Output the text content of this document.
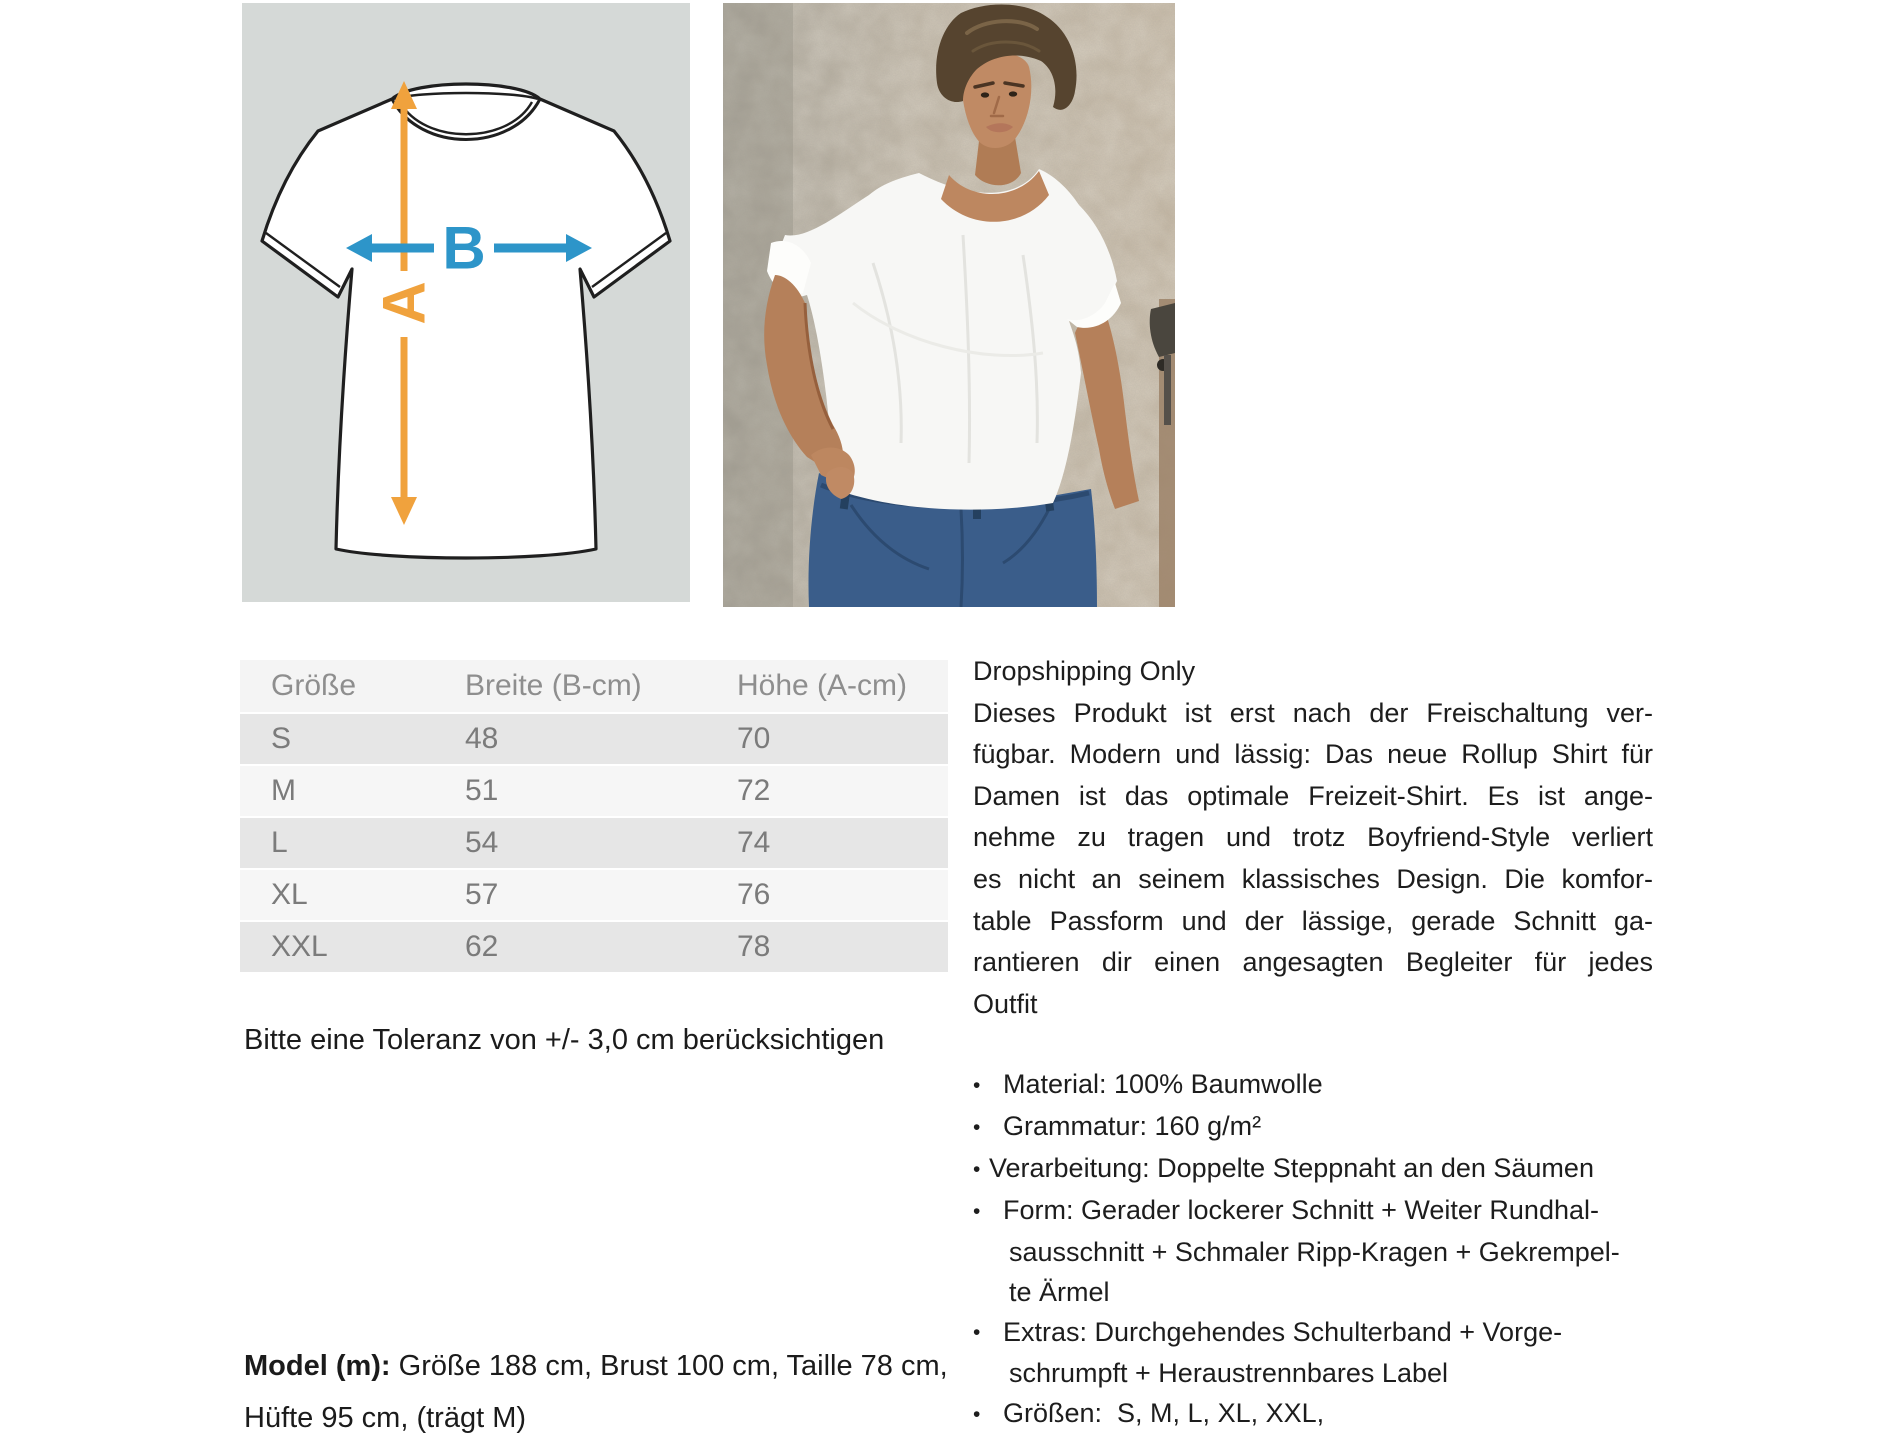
A
B
Größe	Breite (B-cm)	Höhe (A-cm)
S	48	70
M	51	72
L	54	74
XL	57	76
XXL	62	78
Bitte eine Toleranz von +/- 3,0 cm berücksichtigen
Model (m): Größe 188 cm, Brust 100 cm, Taille 78 cm,
Hüfte 95 cm, (trägt M)
Dropshipping Only
Dieses Produkt ist erst nach der Freischaltung ver-
fügbar. Modern und lässig: Das neue Rollup Shirt für
Damen ist das optimale Freizeit-Shirt. Es ist ange-
nehme zu tragen und trotz Boyfriend-Style verliert
es nicht an seinem klassisches Design. Die komfor-
table Passform und der lässige, gerade Schnitt ga-
rantieren dir einen angesagten Begleiter für jedes
Outfit
• Material: 100% Baumwolle
• Grammatur: 160 g/m²
• Verarbeitung: Doppelte Steppnaht an den Säumen
• Form: Gerader lockerer Schnitt + Weiter Rundhal-
sausschnitt + Schmaler Ripp-Kragen + Gekrempel-
te Ärmel
• Extras: Durchgehendes Schulterband + Vorge-
schrumpft + Heraustrennbares Label
• Größen:  S, M, L, XL, XXL,
